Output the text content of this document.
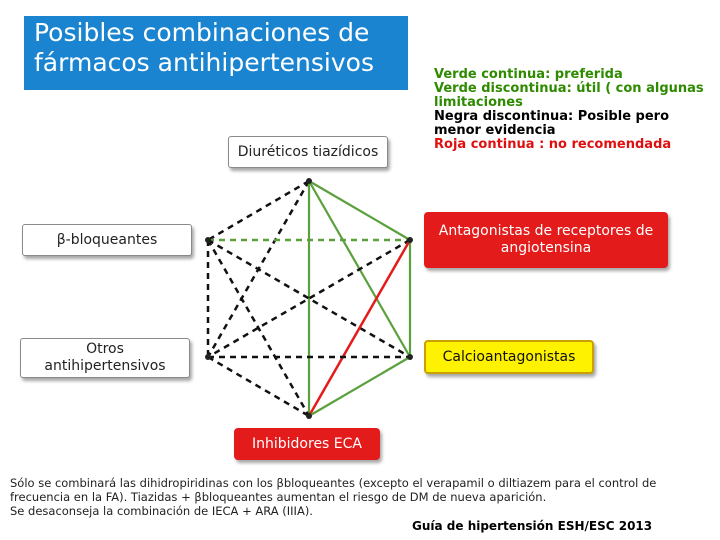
Posibles combinaciones de fármacos antihipertensivos	Verde continua: preferida
Verde discontinua: útil ( con algunas limitaciones
Negra discontinua: Posible pero menor evidencia
Roja continua : no recomendada
Diuréticos tiazídicos
β-bloqueantes
Antagonistas de receptores de angiotensina
Otros antihipertensivos
Calcioantagonistas
Inhibidores ECA
Sólo se combinará las dihidropiridinas con los βbloqueantes (excepto el verapamil o diltiazem para el control de
frecuencia en la FA). Tiazidas + βbloqueantes aumentan el riesgo de DM de nueva aparición.
Se desaconseja la combinación de IECA + ARA (IIIA).
Guía de hipertensión ESH/ESC 2013
